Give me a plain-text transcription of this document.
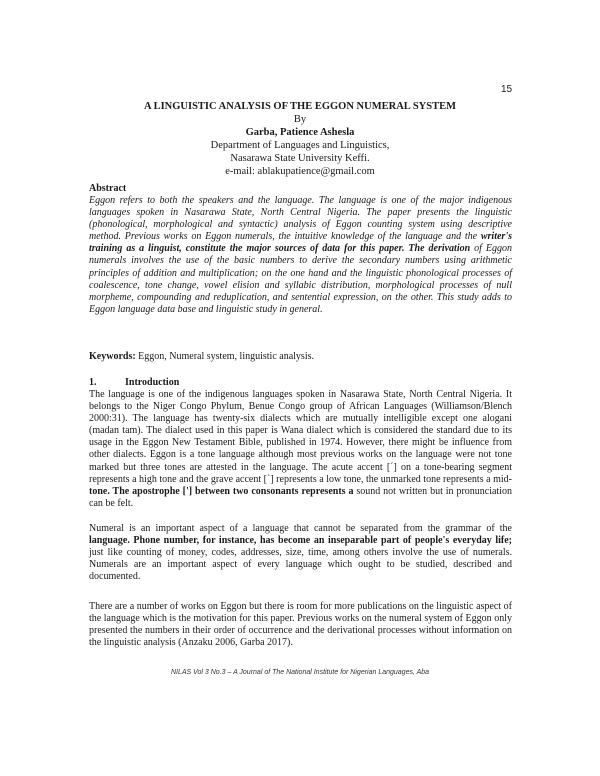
15
A LINGUISTIC ANALYSIS OF THE EGGON NUMERAL SYSTEM
By
Garba, Patience Ashesla
Department of Languages and Linguistics,
Nasarawa State University Keffi.
e-mail: ablakupatience@gmail.com
Abstract
Eggon refers to both the speakers and the language. The language is one of the major indigenous languages spoken in Nasarawa State, North Central Nigeria. The paper presents the linguistic (phonological, morphological and syntactic) analysis of Eggon counting system using descriptive method. Previous works on Eggon numerals, the intuitive knowledge of the language and the writer's training as a linguist, constitute the major sources of data for this paper. The derivation of Eggon numerals involves the use of the basic numbers to derive the secondary numbers using arithmetic principles of addition and multiplication; on the one hand and the linguistic phonological processes of coalescence, tone change, vowel elision and syllabic distribution, morphological processes of null morpheme, compounding and reduplication, and sentential expression, on the other. This study adds to Eggon language data base and linguistic study in general.
Keywords: Eggon, Numeral system, linguistic analysis.
1.	Introduction
The language is one of the indigenous languages spoken in Nasarawa State, North Central Nigeria. It belongs to the Niger Congo Phylum, Benue Congo group of African Languages (Williamson/Blench 2000:31). The language has twenty-six dialects which are mutually intelligible except one alogani (madan tam). The dialect used in this paper is Wana dialect which is considered the standard due to its usage in the Eggon New Testament Bible, published in 1974. However, there might be influence from other dialects. Eggon is a tone language although most previous works on the language were not tone marked but three tones are attested in the language. The acute accent [´] on a tone-bearing segment represents a high tone and the grave accent [`] represents a low tone, the unmarked tone represents a mid- tone. The apostrophe ['] between two consonants represents a sound not written but in pronunciation can be felt.
Numeral is an important aspect of a language that cannot be separated from the grammar of the language. Phone number, for instance, has become an inseparable part of people's everyday life; just like counting of money, codes, addresses, size, time, among others involve the use of numerals. Numerals are an important aspect of every language which ought to be studied, described and documented.
There are a number of works on Eggon but there is room for more publications on the linguistic aspect of the language which is the motivation for this paper. Previous works on the numeral system of Eggon only presented the numbers in their order of occurrence and the derivational processes without information on the linguistic analysis (Anzaku 2006, Garba 2017).
NILAS Vol 3 No.3 – A Journal of The National Institute for Nigerian Languages, Aba
